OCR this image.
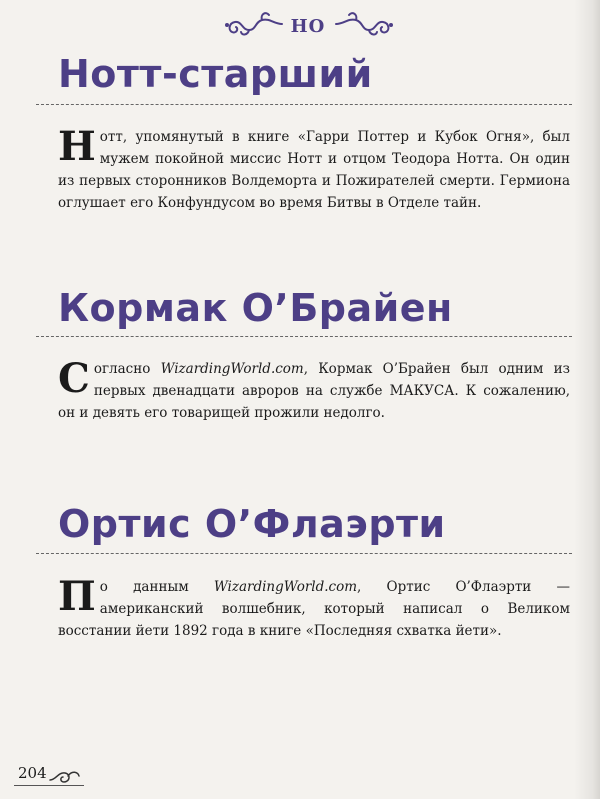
НО
Нотт-старший
Нотт, упомянутый в книге «Гарри Поттер и Кубок Огня», был мужем покойной миссис Нотт и отцом Теодора Нотта. Он один из первых сторонников Волдеморта и Пожирателей смерти. Гермиона оглушает его Конфундусом во время Битвы в Отделе тайн.
Кормак О’Брайен
Согласно WizardingWorld.com, Кормак О’Брайен был одним из первых двенадцати авроров на службе МАКУСА. К сожалению, он и девять его товарищей прожили недолго.
Ортис О’Флаэрти
По данным WizardingWorld.com, Ортис О’Флаэрти — американский волшебник, который написал о Великом восстании йети 1892 года в книге «Последняя схватка йети».
204
